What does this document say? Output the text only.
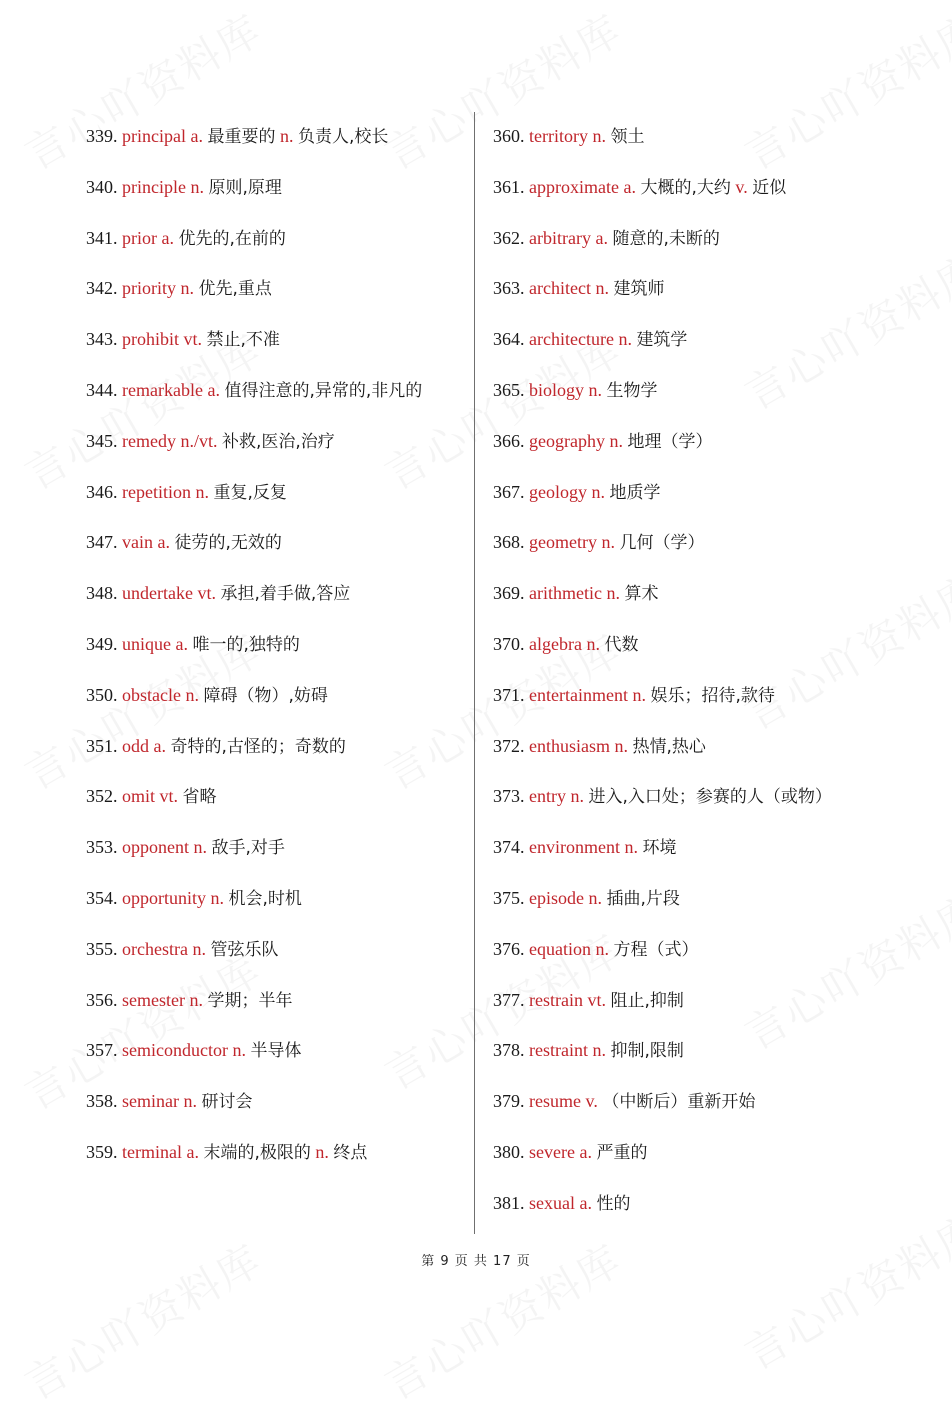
339. principal a. 最重要的 n. 负责人,校长
340. principle n. 原则,原理
341. prior a. 优先的,在前的
342. priority n. 优先,重点
343. prohibit vt. 禁止,不准
344. remarkable a. 值得注意的,异常的,非凡的
345. remedy n./vt. 补救,医治,治疗
346. repetition n. 重复,反复
347. vain a. 徒劳的,无效的
348. undertake vt. 承担,着手做,答应
349. unique a. 唯一的,独特的
350. obstacle n. 障碍（物）,妨碍
351. odd a. 奇特的,古怪的；奇数的
352. omit vt. 省略
353. opponent n. 敌手,对手
354. opportunity n. 机会,时机
355. orchestra n. 管弦乐队
356. semester n. 学期；半年
357. semiconductor n. 半导体
358. seminar n. 研讨会
359. terminal a. 末端的,极限的 n. 终点
360. territory n. 领土
361. approximate a. 大概的,大约 v. 近似
362. arbitrary a. 随意的,未断的
363. architect n. 建筑师
364. architecture n. 建筑学
365. biology n. 生物学
366. geography n. 地理（学）
367. geology n. 地质学
368. geometry n. 几何（学）
369. arithmetic n. 算术
370. algebra n. 代数
371. entertainment n. 娱乐；招待,款待
372. enthusiasm n. 热情,热心
373. entry n. 进入,入口处；参赛的人（或物）
374. environment n. 环境
375. episode n. 插曲,片段
376. equation n. 方程（式）
377. restrain vt. 阻止,抑制
378. restraint n. 抑制,限制
379. resume v. （中断后）重新开始
380. severe a. 严重的
381. sexual a. 性的
第 9 页 共 17 页
